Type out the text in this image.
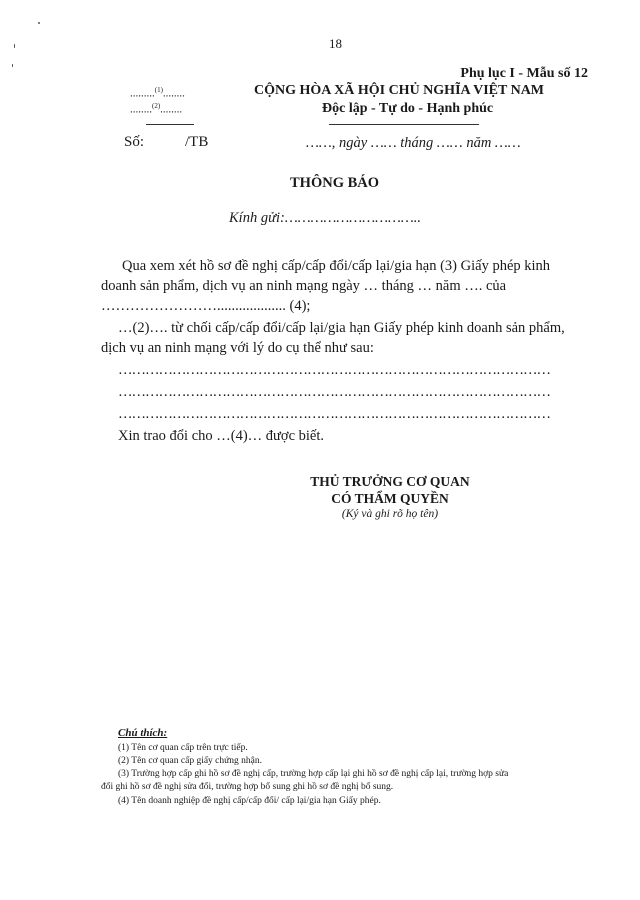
18
Phụ lục I - Mẫu số 12
.........$^{(1)}$........
........$^{(2)}$........
CỘNG HÒA XÃ HỘI CHỦ NGHĨA VIỆT NAM
Độc lập - Tự do - Hạnh phúc
Số:	/TB	……, ngày …… tháng …… năm ……
THÔNG BÁO
Kính gửi:…………………………..
Qua xem xét hồ sơ đề nghị cấp/cấp đổi/cấp lại/gia hạn (3) Giấy phép kinh
doanh sản phẩm, dịch vụ an ninh mạng ngày … tháng … năm …. của
……………………................... (4);
…(2)…. từ chối cấp/cấp đổi/cấp lại/gia hạn Giấy phép kinh doanh sản phẩm,
dịch vụ an ninh mạng với lý do cụ thể như sau:
……………………………………………………………………………………
……………………………………………………………………………………
……………………………………………………………………………………
Xin trao đổi cho …(4)… được biết.
THỦ TRƯỞNG CƠ QUAN
CÓ THẨM QUYỀN
(Ký và ghi rõ họ tên)
Chú thích:
(1) Tên cơ quan cấp trên trực tiếp.
(2) Tên cơ quan cấp giấy chứng nhận.
(3) Trường hợp cấp ghi hồ sơ đề nghị cấp, trường hợp cấp lại ghi hồ sơ đề nghị cấp lại, trường hợp sửa
đổi ghi hồ sơ đề nghị sửa đổi, trường hợp bổ sung ghi hồ sơ đề nghị bổ sung.
(4) Tên doanh nghiệp đề nghị cấp/cấp đổi/ cấp lại/gia hạn Giấy phép.
